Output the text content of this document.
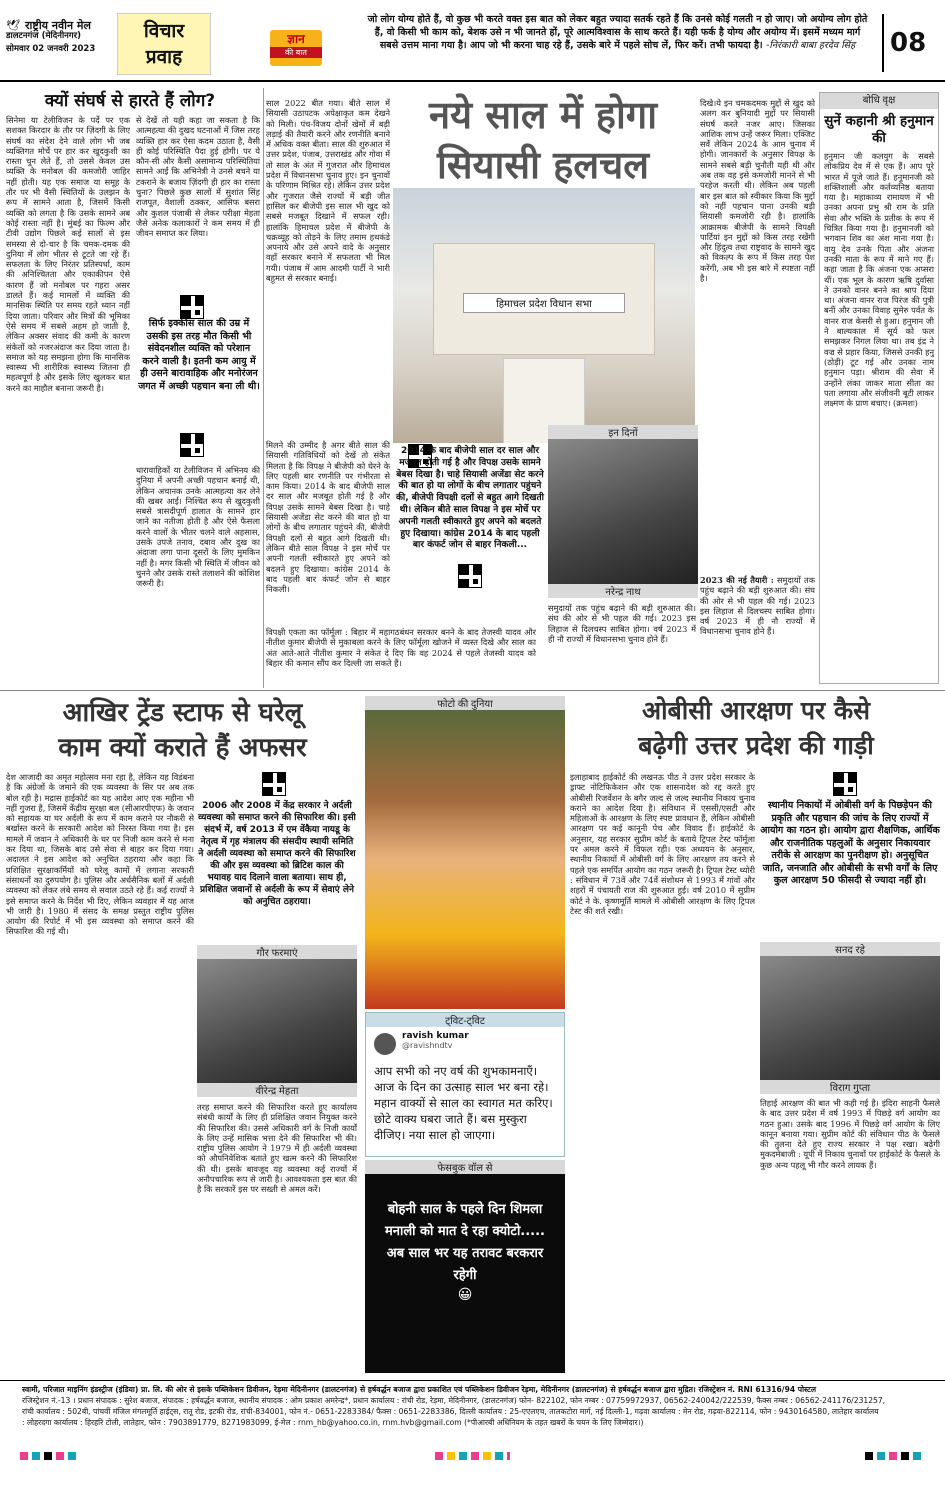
🕊 राष्ट्रीय नवीन मेल
डालटनगंज (मेदिनीनगर)
सोमवार 02 जनवरी 2023
विचार
प्रवाह
ज्ञान
की बात
जो लोग योग्य होते हैं, वो कुछ भी करते वक्त इस बात को लेकर बहुत ज्यादा सतर्क रहते हैं कि उनसे कोई गलती न हो जाए। जो अयोग्य लोग होते हैं, वो किसी भी काम को, बेशक उसे न भी जानते हों, पूरे आत्मविश्वास के साथ करते हैं। यही फर्क है योग्य और अयोग्य में। इसमें मध्यम मार्ग सबसे उत्तम माना गया है। आप जो भी करना चाह रहे हैं, उसके बारे में पहले सोच लें, फिर करें। तभी फायदा है। -निरंकारी बाबा हरदेव सिंह	08
क्यों संघर्ष से हारते हैं लोग?
सिनेमा या टेलीविजन के पर्दे पर एक सशक्त किरदार के तौर पर ज़िंदगी के लिए संघर्ष का संदेश देने वाले लोग भी जब व्यक्तिगत मोर्चे पर हार कर खुदकुशी का रास्ता चुन लेते हैं, तो उससे केवल उस व्यक्ति के मनोबल की कमजोरी जाहिर नहीं होती। यह एक समाज या समूह के तौर पर भी वैसी स्थितियों के उलझन के रूप में सामने आता है, जिसमें किसी व्यक्ति को लगता है कि उसके सामने अब कोई रास्ता नहीं है। मुंबई का फिल्म और टीवी उद्योग पिछले कई सालों से इस समस्या से दो-चार है कि चमक-दमक की दुनिया में लोग भीतर से टूटते जा रहे हैं। सफलता के लिए निरंतर प्रतिस्पर्धा, काम की अनिश्चितता और एकाकीपन ऐसे कारण हैं जो मनोबल पर गहरा असर डालते हैं। कई मामलों में व्यक्ति की मानसिक स्थिति पर समय रहते ध्यान नहीं दिया जाता। परिवार और मित्रों की भूमिका ऐसे समय में सबसे अहम हो जाती है, लेकिन अक्सर संवाद की कमी के कारण संकेतों को नजरअंदाज कर दिया जाता है। समाज को यह समझना होगा कि मानसिक स्वास्थ्य भी शारीरिक स्वास्थ्य जितना ही महत्वपूर्ण है और इसके लिए खुलकर बात करने का माहौल बनाना जरूरी है।
से देखें तो यही कहा जा सकता है कि आत्महत्या की दुखद घटनाओं में जिस तरह व्यक्ति हार कर ऐसा कदम उठाता है, वैसी ही कोई परिस्थिति पैदा हुई होगी। पर ये कौन-सी और कैसी असामान्य परिस्थितियां सामने आईं कि अभिनेत्री ने उनसे बचने या टकराने के बजाय ज़िंदगी ही हार का रास्ता चुना? पिछले कुछ सालों में सुशांत सिंह राजपूत, वैशाली ठक्कर, आसिफ बसरा और कुशल पंजाबी से लेकर परीक्षा मेहता जैसे अनेक कलाकारों ने कम समय में ही जीवन समाप्त कर लिया।
सिर्फ इक्कीस साल की उम्र में उसकी इस तरह मौत किसी भी संवेदनशील व्यक्ति को परेशान करने वाली है। इतनी कम आयु में ही उसने बारावाहिक और मनोरंजन जगत में अच्छी पहचान बना ली थी।
धारावाहिकों या टेलीविजन में अभिनय की दुनिया में अपनी अच्छी पहचान बनाई थी, लेकिन अचानक उनके आत्महत्या कर लेने की खबर आई। निश्चित रूप से खुदकुशी सबसे त्रासदीपूर्ण हालात के सामने हार जाने का नतीजा होती है और ऐसे फैसला करने वालों के भीतर चलने वाले अहसास, उसके उपजे तनाव, दबाव और दुख का अंदाजा लगा पाना दूसरों के लिए मुमकिन नहीं है। मगर किसी भी स्थिति में जीवन को चुनने और उसके रास्ते तलाशने की कोशिश जरूरी है।
साल 2022 बीत गया। बीते साल में सियासी उठापटक अपेक्षाकृत कम देखने को मिली। पंच-विजय दोनों खेमों में बड़ी लड़ाई की तैयारी करने और रणनीति बनाने में अधिक वक्त बीता। साल की शुरुआत में उत्तर प्रदेश, पंजाब, उत्तराखंड और गोवा में तो साल के अंत में गुजरात और हिमाचल प्रदेश में विधानसभा चुनाव हुए। इन चुनावों के परिणाम मिश्रित रहे। लेकिन उत्तर प्रदेश और गुजरात जैसे राज्यों में बड़ी जीत हासिल कर बीजेपी इस साल भी खुद को सबसे मजबूत दिखाने में सफल रही। हालांकि हिमाचल प्रदेश में बीजेपी के चक्रव्यूह को तोड़ने के लिए तमाम हथकंडे अपनाये और उसे अपने वादे के अनुसार वहाँ सरकार बनाने में सफलता भी मिल गयी। पंजाब में आम आदमी पार्टी ने भारी बहुमत से सरकार बनाई।
नये साल में होगा
सियासी हलचल
हिमाचल प्रदेश विधान सभा
2014 के बाद बीजेपी साल दर साल और मजबूत होती गई है और विपक्ष उसके सामने बेबस दिखा है। चाहे सियासी अजेंडा सेट करने की बात हो या लोगों के बीच लगातार पहुंचने की, बीजेपी विपक्षी दलों से बहुत आगे दिखती थी। लेकिन बीते साल विपक्ष ने इस मोर्चे पर अपनी गलती स्वीकारते हुए अपने को बदलते हुए दिखाया। कांग्रेस 2014 के बाद पहली बार कंफर्ट जोन से बाहर निकली...
मिलने की उम्मीद है अगर बीते साल की सियासी गतिविधियों को देखें तो संकेत मिलता है कि विपक्ष ने बीजेपी को घेरने के लिए पहली बार रणनीति पर गंभीरता से काम किया। 2014 के बाद बीजेपी साल दर साल और मजबूत होती गई है और विपक्ष उसके सामने बेबस दिखा है। चाहे सियासी अजेंडा सेट करने की बात हो या लोगों के बीच लगातार पहुंचने की, बीजेपी विपक्षी दलों से बहुत आगे दिखती थी। लेकिन बीते साल विपक्ष ने इस मोर्चे पर अपनी गलती स्वीकारते हुए अपने को बदलने हुए दिखाया। कांग्रेस 2014 के बाद पहली बार कंफर्ट जोन से बाहर निकली।
विपक्षी एकता का फॉर्मूला : बिहार में महागठबंधन सरकार बनने के बाद तेजस्वी यादव और नीतीश कुमार बीजेपी से मुकाबला करने के लिए फॉर्मूला खोजने में व्यस्त दिखे और साल का अंत आते-आते नीतीश कुमार ने संकेत दे दिए कि वह 2024 से पहले तेजस्वी यादव को बिहार की कमान सौंप कर दिल्ली जा सकते हैं।
दिखे।ये इन चमकदमक मुद्दों से खुद को अलग कर बुनियादी मुद्दों पर सियासी संघर्ष करते नजर आए। जिसका आशिक लाभ उन्हें जरूर मिला। एक्जिट सर्वे लेकिन 2024 के आम चुनाव में होगी। जानकारों के अनुसार विपक्ष के सामने सबसे बड़ी चुनौती यही थी और अब तक वह इसे कमजोरी मानने से भी परहेज करती थी। लेकिन अब पहली बार इस बात को स्वीकार किया कि मुद्दों को नहीं पहचान पाना उनकी बड़ी सियासी कमजोरी रही है। हालांकि आक्रामक बीजेपी के सामने विपक्षी पार्टियां इन मुद्दों को किस तरह रखेंगी और हिंदुत्व तथा राष्ट्रवाद के सामने खुद को विकल्प के रूप में किस तरह पेश करेंगी, अब भी इस बारे में स्पष्टता नहीं है।
इन दिनों
नरेन्द्र नाथ
2023 की नई तैयारी : समुदायों तक पहुंच बढ़ाने की बड़ी शुरुआत की। संघ की ओर से भी पहल की गई। 2023 इस लिहाज से दिलचस्प साबित होगा। वर्ष 2023 में ही नौ राज्यों में विधानसभा चुनाव होने हैं।
समुदायों तक पहुंच बढ़ाने की बड़ी शुरुआत की। संघ की ओर से भी पहल की गई। 2023 इस लिहाज से दिलचस्प साबित होगा। वर्ष 2023 में ही नौ राज्यों में विधानसभा चुनाव होने हैं।
बोधि वृक्ष
सुनें कहानी श्री हनुमान की
हनुमान जी कलयुग के सबसे लोकप्रिय देव में से एक हैं। आप पूरे भारत में पूजे जाते हैं। हनुमानजी को शक्तिशाली और कर्तव्यनिष्ठ बताया गया है। महाकाव्य रामायण में भी उनका अपना प्रभु श्री राम के प्रति सेवा और भक्ति के प्रतीक के रूप में चित्रित किया गया है। हनुमानजी को भगवान शिव का अंश माना गया है। वायु देव उनके पिता और अंजना उनकी माता के रूप में माने गए हैं। कहा जाता है कि अंजना एक अप्सरा थीं। एक भूल के कारण ऋषि दुर्वासा ने उनको वानर बनने का श्राप दिया था। अंजना वानर राज पिरंज की पुत्री बनीं और उनका विवाह सुमेरु पर्वत के वानर राज केसरी से हुआ। हनुमान जी ने बाल्यकाल में सूर्य को फल समझकर निगल लिया था। तब इंद्र ने वज्र से प्रहार किया, जिससे उनकी हनु (ठोड़ी) टूट गई और उनका नाम हनुमान पड़ा। श्रीराम की सेवा में उन्होंने लंका जाकर माता सीता का पता लगाया और संजीवनी बूटी लाकर लक्ष्मण के प्राण बचाए। (क्रमशः)
आखिर ट्रेंड स्टाफ से घरेलू
काम क्यों कराते हैं अफसर
देश आजादी का अमृत महोत्सव मना रहा है, लेकिन यह विडंबना है कि अंग्रेजों के जमाने की एक व्यवस्था के सिर पर अब तक बोल रही है। मद्रास हाईकोर्ट का यह आदेश आए एक महीना भी नहीं गुजरा है, जिसमें केंद्रीय सुरक्षा बल (सीआरपीएफ) के जवान को सहायक या घर अर्दली के रूप में काम कराने पर नौकरी से बर्खास्त करने के सरकारी आदेश को निरस्त किया गया है। इस मामले में जवान ने अधिकारी के घर पर निजी काम करने से मना कर दिया था, जिसके बाद उसे सेवा से बाहर कर दिया गया। अदालत ने इस आदेश को अनुचित ठहराया और कहा कि प्रशिक्षित सुरक्षाकर्मियों को घरेलू कामों में लगाना सरकारी संसाधनों का दुरुपयोग है। पुलिस और अर्धसैनिक बलों में अर्दली व्यवस्था को लेकर लंबे समय से सवाल उठते रहे हैं। कई राज्यों ने इसे समाप्त करने के निर्देश भी दिए, लेकिन व्यवहार में यह आज भी जारी है। 1980 में संसद के समक्ष प्रस्तुत राष्ट्रीय पुलिस आयोग की रिपोर्ट में भी इस व्यवस्था को समाप्त करने की सिफारिश की गई थी।
2006 और 2008 में केंद्र सरकार ने अर्दली व्यवस्था को समाप्त करने की सिफारिश की। इसी संदर्भ में, वर्ष 2013 में एम वेंकैया नायडू के नेतृत्व में गृह मंत्रालय की संसदीय स्थायी समिति ने अर्दली व्यवस्था को समाप्त करने की सिफारिश की और इस व्यवस्था को ब्रिटिश काल की भयावह याद दिलाने वाला बताया। साथ ही, प्रशिक्षित जवानों से अर्दली के रूप में सेवाएं लेने को अनुचित ठहराया।
गौर फरमाएं
वीरेन्द्र मेहता
तरह समाप्त करने की सिफारिश करते हुए कार्यालय संबंधी कार्यों के लिए ही प्रशिक्षित जवान नियुक्त करने की सिफारिश की। उससे अधिकारी वर्ग के निजी कार्यों के लिए उन्हें मासिक भत्ता देने की सिफारिश भी की। राष्ट्रीय पुलिस आयोग ने 1979 में ही अर्दली व्यवस्था को औपनिवेशिक बताते हुए खत्म करने की सिफारिश की थी। इसके बावजूद यह व्यवस्था कई राज्यों में अनौपचारिक रूप से जारी है। आवश्यकता इस बात की है कि सरकारें इस पर सख्ती से अमल करें।
फोटो की दुनिया
ट्विट-ट्विट
ravish kumar
@ravishndtv
आप सभी को नए वर्ष की शुभकामनाएँ। आज के दिन का उत्साह साल भर बना रहे। महान वाक्यों से साल का स्वागत मत करिए। छोटे वाक्य घबरा जाते हैं। बस मुस्कुरा दीजिए। नया साल हो जाएगा।
फेसबुक वॉल से
बोहनी साल के पहले दिन शिमला मनाली को मात दे रहा क्योटो..... अब साल भर यह तरावट बरकरार रहेगी
😀
ओबीसी आरक्षण पर कैसे
बढ़ेगी उत्तर प्रदेश की गाड़ी
इलाहाबाद हाईकोर्ट की लखनऊ पीठ ने उत्तर प्रदेश सरकार के ड्राफ्ट नोटिफिकेशन और एक शासनादेश को रद्द करते हुए ओबीसी रिजर्वेशन के बगैर जल्द से जल्द स्थानीय निकाय चुनाव कराने का आदेश दिया है। संविधान में एससी/एसटी और महिलाओं के आरक्षण के लिए स्पष्ट प्रावधान हैं, लेकिन ओबीसी आरक्षण पर कई कानूनी पेच और विवाद हैं। हाईकोर्ट के अनुसार, यह सरकार सुप्रीम कोर्ट के बताये ट्रिपल टेस्ट फॉर्मूला पर अमल करने में विफल रही। एक अध्ययन के अनुसार, स्थानीय निकायों में ओबीसी वर्ग के लिए आरक्षण तय करने से पहले एक समर्पित आयोग का गठन जरूरी है। ट्रिपल टेस्ट थ्योरी : संविधान में 73वें और 74वें संशोधन से 1993 में गांवों और शहरों में पंचायती राज की शुरुआत हुई। वर्ष 2010 में सुप्रीम कोर्ट ने के. कृष्णमूर्ति मामले में ओबीसी आरक्षण के लिए ट्रिपल टेस्ट की शर्त रखी।
स्थानीय निकायों में ओबीसी वर्ग के पिछड़ेपन की प्रकृति और पहचान की जांच के लिए राज्यों में आयोग का गठन हो। आयोग द्वारा शैक्षणिक, आर्थिक और राजनीतिक पहलुओं के अनुसार निकायवार तरीके से आरक्षण का पुनरीक्षण हो। अनुसूचित जाति, जनजाति और ओबीसी के सभी वर्गों के लिए कुल आरक्षण 50 फीसदी से ज्यादा नहीं हो।
सनद रहे
विराग गुप्ता
तिहाई आरक्षण की बात भी कही गई है। इंदिरा साहनी फैसले के बाद उत्तर प्रदेश में वर्ष 1993 में पिछड़े वर्ग आयोग का गठन हुआ। उसके बाद 1996 में पिछड़े वर्ग आयोग के लिए कानून बनाया गया। सुप्रीम कोर्ट की संविधान पीठ के फैसले की तुलना देते हुए राज्य सरकार ने पक्ष रखा। बढ़ेगी मुकदमेबाजी : यूपी में निकाय चुनावों पर हाईकोर्ट के फैसले के कुछ अन्य पहलू भी गौर करने लायक हैं।
स्वामी, परिजात माइनिंग इंडस्ट्रीज (इंडिया) प्रा. लि. की ओर से इसके पब्लिकेशन डिवीजन, रेड़मा मेदिनीनगर (डालटनगंज) से हर्षवर्द्धन बजाज द्वारा प्रकाशित एवं पब्लिकेशन डिवीजन रेड़मा, मेदिनीनगर (डालटनगंज) से हर्षवर्द्धन बजाज द्वारा मुद्रित। रजिस्ट्रेशन नं. RNI 61316/94 पोस्टल
रजिस्ट्रेशन नं.-13 । प्रधान संपादक : सुरेश बजाज, संपादक : हर्षवर्द्धन बजाज, स्थानीय संपादक : ओम प्रकाश अमरेन्द्र*, प्रधान कार्यालय : रांची रोड, रेड़मा, मेदिनीनगर, (डालटनगंज) फोन- 822102, फोन नम्बर : 07759972937, 06562-240042/222539, फैक्स नम्बर : 06562-241176/231257,
रांची कार्यालय : 502बी, पांचवीं मंजिल मंगलमूर्ति हाईट्स, रातू रोड, इटकी रोड, रांची-834001, फोन नं.- 0651-2283384/ फैक्स : 0651-2283386, दिल्ली कार्यालय : 25-एएलएच, तालकटोरा मार्ग, नई दिल्ली-1, गढ़वा कार्यालय : मेन रोड, गढ़वा-822114, फोन : 9430164580, लातेहार कार्यालय
: लोहरदगा कार्यालय : हिरहरि टोली, लातेहार, फोन : 7903891779, 8271983099, ई-मेल : rnm_hb@yahoo.co.in, rnm.hvb@gmail.com (*पीआरबी अधिनियम के तहत खबरों के चयन के लिए जिम्मेदार।)
